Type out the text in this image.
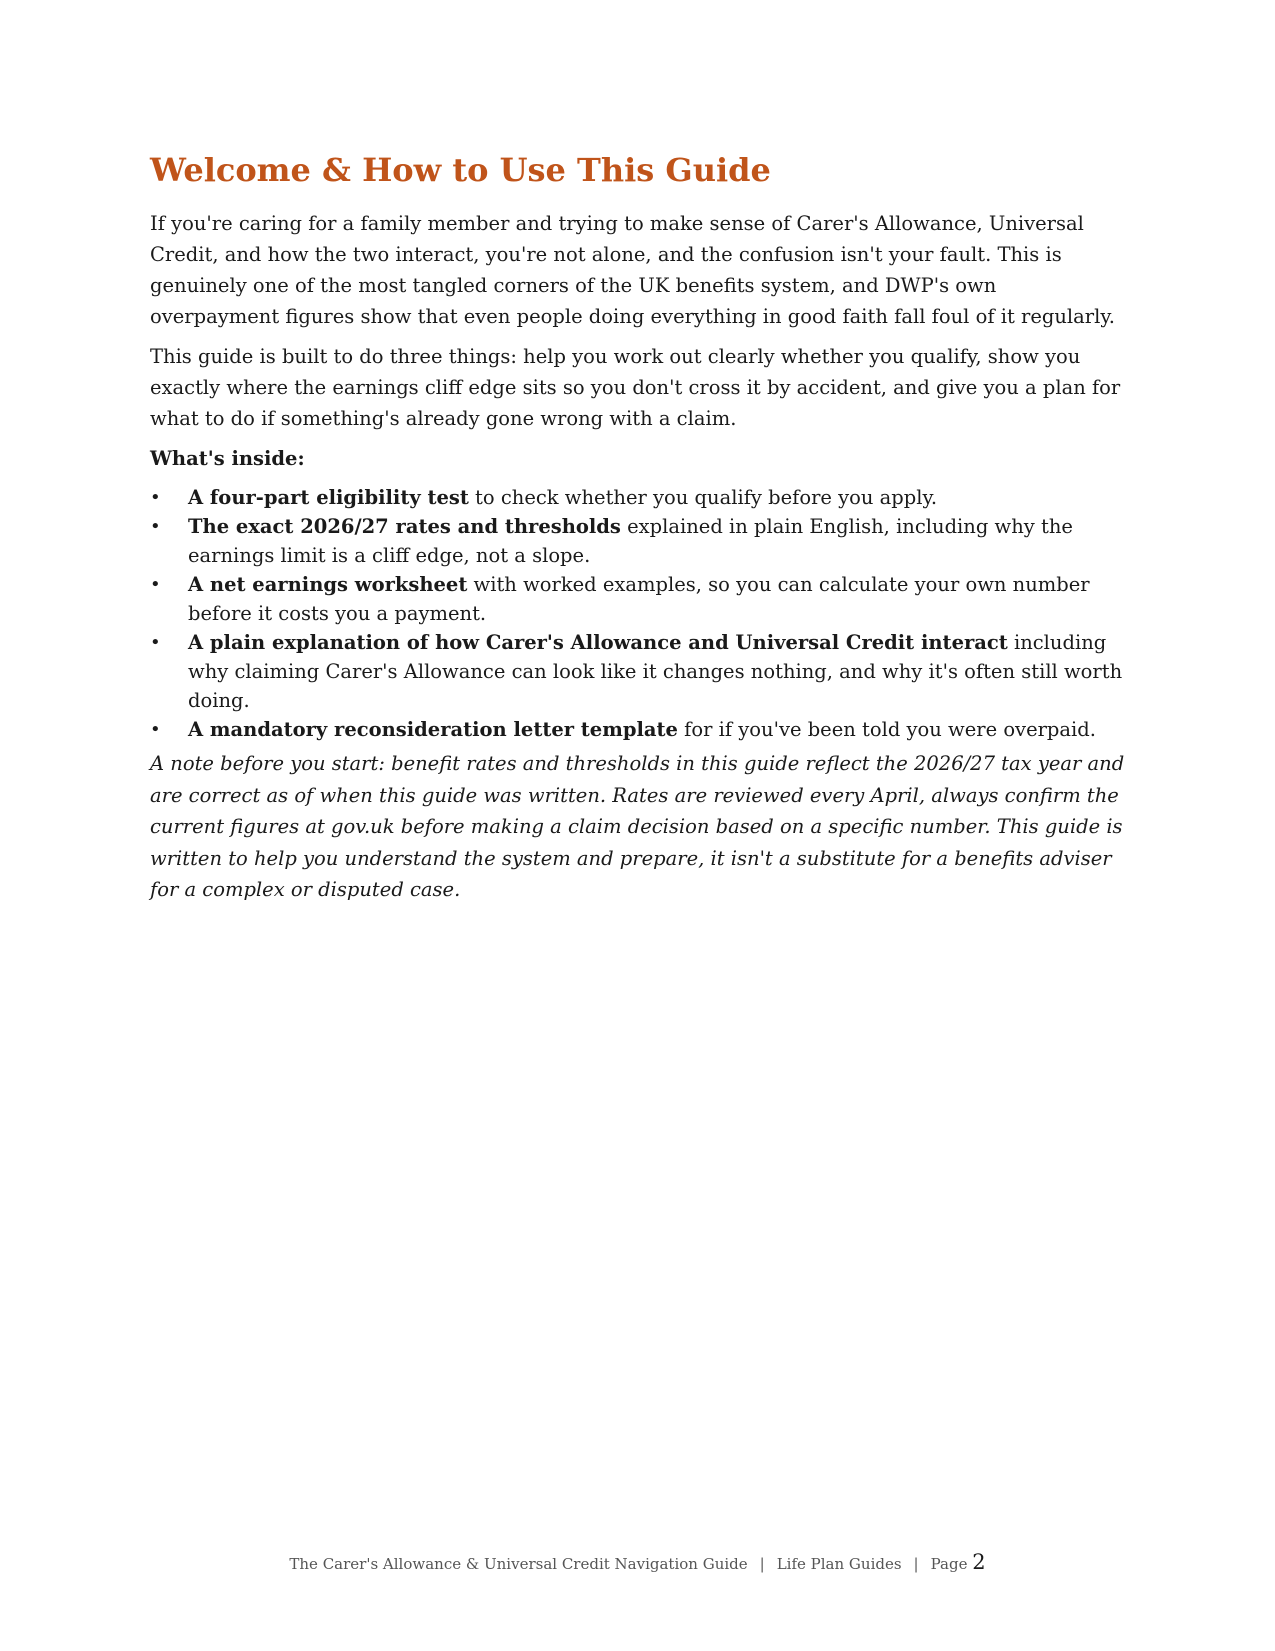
Welcome & How to Use This Guide

If you're caring for a family member and trying to make sense of Carer's Allowance, Universal Credit, and how the two interact, you're not alone, and the confusion isn't your fault. This is genuinely one of the most tangled corners of the UK benefits system, and DWP's own overpayment figures show that even people doing everything in good faith fall foul of it regularly.

This guide is built to do three things: help you work out clearly whether you qualify, show you exactly where the earnings cliff edge sits so you don't cross it by accident, and give you a plan for what to do if something's already gone wrong with a claim.

What's inside:

• A four-part eligibility test to check whether you qualify before you apply.
• The exact 2026/27 rates and thresholds explained in plain English, including why the earnings limit is a cliff edge, not a slope.
• A net earnings worksheet with worked examples, so you can calculate your own number before it costs you a payment.
• A plain explanation of how Carer's Allowance and Universal Credit interact including why claiming Carer's Allowance can look like it changes nothing, and why it's often still worth doing.
• A mandatory reconsideration letter template for if you've been told you were overpaid.

A note before you start: benefit rates and thresholds in this guide reflect the 2026/27 tax year and are correct as of when this guide was written. Rates are reviewed every April, always confirm the current figures at gov.uk before making a claim decision based on a specific number. This guide is written to help you understand the system and prepare, it isn't a substitute for a benefits adviser for a complex or disputed case.

The Carer's Allowance & Universal Credit Navigation Guide | Life Plan Guides | Page 2
